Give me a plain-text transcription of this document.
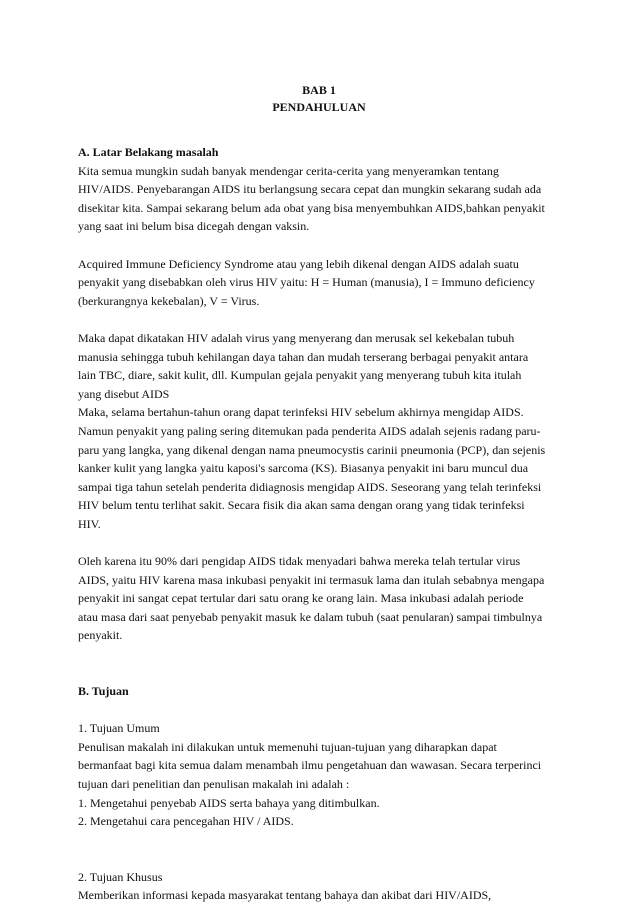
BAB 1
PENDAHULUAN

A. Latar Belakang masalah

Kita semua mungkin sudah banyak mendengar cerita-cerita yang menyeramkan tentang

HIV/AIDS. Penyebarangan AIDS itu berlangsung secara cepat dan mungkin sekarang sudah ada

disekitar kita. Sampai sekarang belum ada obat yang bisa menyembuhkan AIDS,bahkan penyakit

yang saat ini belum bisa dicegah dengan vaksin.

Acquired Immune Deficiency Syndrome atau yang lebih dikenal dengan AIDS adalah suatu

penyakit yang disebabkan oleh virus HIV yaitu: H = Human (manusia), I = Immuno deficiency

(berkurangnya kekebalan), V = Virus.

Maka dapat dikatakan HIV adalah virus yang menyerang dan merusak sel kekebalan tubuh

manusia sehingga tubuh kehilangan daya tahan dan mudah terserang berbagai penyakit antara

lain TBC, diare, sakit kulit, dll. Kumpulan gejala penyakit yang menyerang tubuh kita itulah

yang disebut AIDS

Maka, selama bertahun-tahun orang dapat terinfeksi HIV sebelum akhirnya mengidap AIDS.

Namun penyakit yang paling sering ditemukan pada penderita AIDS adalah sejenis radang paru-

paru yang langka, yang dikenal dengan nama pneumocystis carinii pneumonia (PCP), dan sejenis

kanker kulit yang langka yaitu kaposi's sarcoma (KS). Biasanya penyakit ini baru muncul dua

sampai tiga tahun setelah penderita didiagnosis mengidap AIDS. Seseorang yang telah terinfeksi

HIV belum tentu terlihat sakit. Secara fisik dia akan sama dengan orang yang tidak terinfeksi

HIV.

Oleh karena itu 90% dari pengidap AIDS tidak menyadari bahwa mereka telah tertular virus

AIDS, yaitu HIV karena masa inkubasi penyakit ini termasuk lama dan itulah sebabnya mengapa

penyakit ini sangat cepat tertular dari satu orang ke orang lain. Masa inkubasi adalah periode

atau masa dari saat penyebab penyakit masuk ke dalam tubuh (saat penularan) sampai timbulnya

penyakit.

B. Tujuan

1. Tujuan Umum

Penulisan makalah ini dilakukan untuk memenuhi tujuan-tujuan yang diharapkan dapat

bermanfaat bagi kita semua dalam menambah ilmu pengetahuan dan wawasan. Secara terperinci

tujuan dari penelitian dan penulisan makalah ini adalah :

1. Mengetahui penyebab AIDS serta bahaya yang ditimbulkan.

2. Mengetahui cara pencegahan HIV / AIDS.

2. Tujuan Khusus

Memberikan informasi kepada masyarakat tentang bahaya dan akibat dari HIV/AIDS,
